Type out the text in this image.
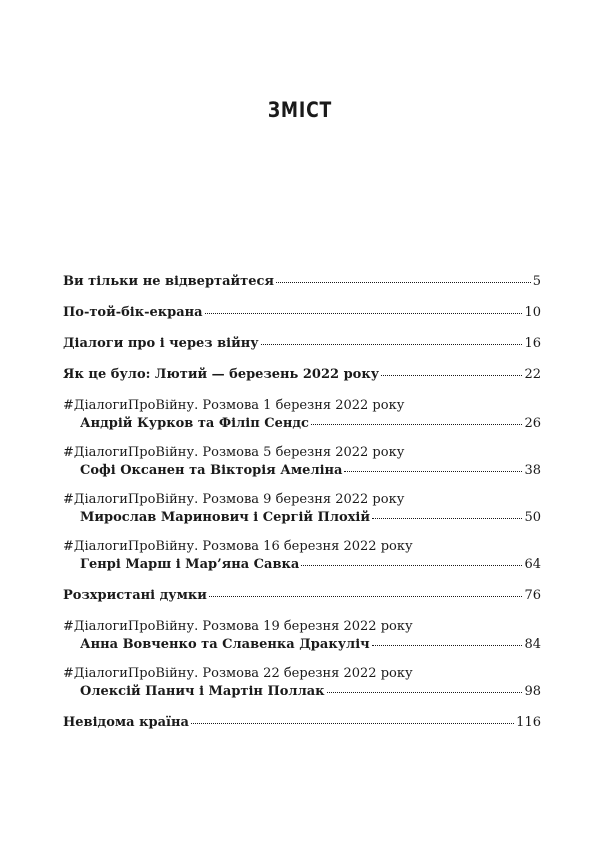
ЗМІСТ
Ви тільки не відвертайтеся	5
По-той-бік-екрана	10
Діалоги про і через війну	16
Як це було: Лютий — березень 2022 року	22
#ДіалогиПроВійну. Розмова 1 березня 2022 року
Андрій Курков та Філіп Сендс	26
#ДіалогиПроВійну. Розмова 5 березня 2022 року
Софі Оксанен та Вікторія Амеліна	38
#ДіалогиПроВійну. Розмова 9 березня 2022 року
Мирослав Маринович і Сергій Плохій	50
#ДіалогиПроВійну. Розмова 16 березня 2022 року
Генрі Марш і Мар’яна Савка	64
Розхристані думки	76
#ДіалогиПроВійну. Розмова 19 березня 2022 року
Анна Вовченко та Славенка Дракуліч	84
#ДіалогиПроВійну. Розмова 22 березня 2022 року
Олексій Панич і Мартін Поллак	98
Невідома країна	116
